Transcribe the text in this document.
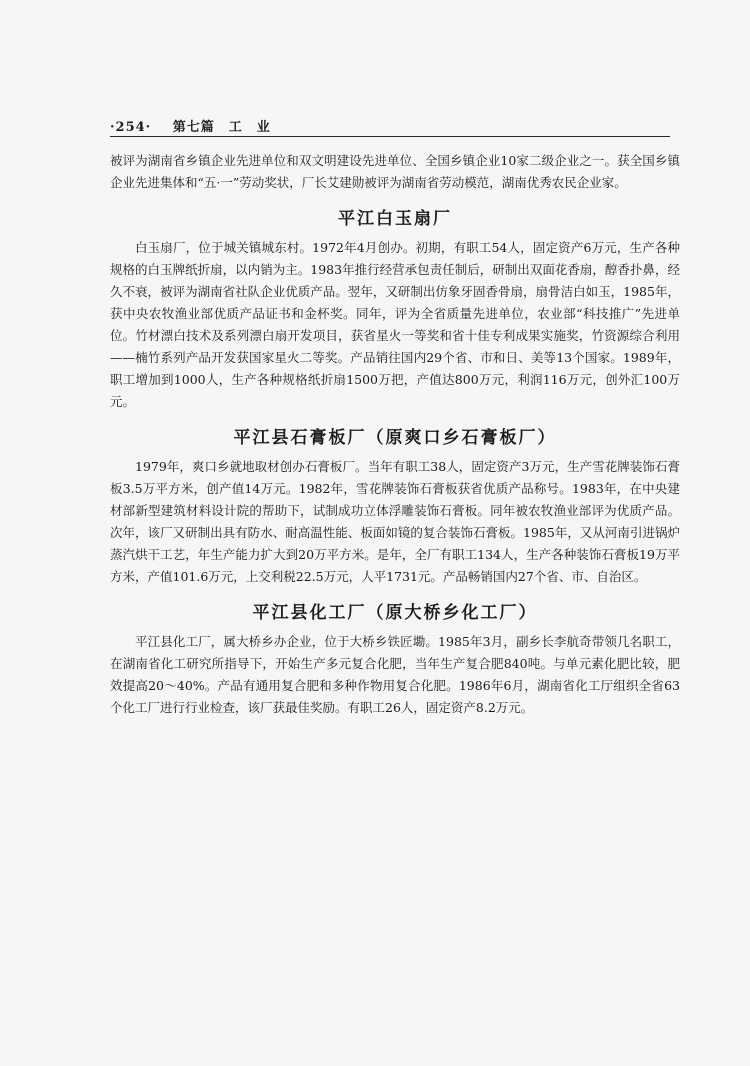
·254· 第七篇　工　业

被评为湖南省乡镇企业先进单位和双文明建设先进单位、全国乡镇企业10家二级企业之一。获全国乡镇企业先进集体和“五·一”劳动奖状，厂长艾建勋被评为湖南省劳动模范，湖南优秀农民企业家。

平江白玉扇厂

白玉扇厂，位于城关镇城东村。1972年4月创办。初期，有职工54人，固定资产6万元，生产各种规格的白玉牌纸折扇，以内销为主。1983年推行经营承包责任制后，研制出双面花香扇，醇香扑鼻，经久不衰，被评为湖南省社队企业优质产品。翌年，又研制出仿象牙固香骨扇，扇骨洁白如玉，1985年，获中央农牧渔业部优质产品证书和金杯奖。同年，评为全省质量先进单位，农业部“科技推广”先进单位。竹材漂白技术及系列漂白扇开发项目，获省星火一等奖和省十佳专利成果实施奖，竹资源综合利用——楠竹系列产品开发获国家星火二等奖。产品销往国内29个省、市和日、美等13个国家。1989年，职工增加到1000人，生产各种规格纸折扇1500万把，产值达800万元，利润116万元，创外汇100万元。

平江县石膏板厂（原爽口乡石膏板厂）

1979年，爽口乡就地取材创办石膏板厂。当年有职工38人，固定资产3万元，生产雪花牌装饰石膏板3.5万平方米，创产值14万元。1982年，雪花牌装饰石膏板获省优质产品称号。1983年，在中央建材部新型建筑材料设计院的帮助下，试制成功立体浮雕装饰石膏板。同年被农牧渔业部评为优质产品。次年，该厂又研制出具有防水、耐高温性能、板面如镜的复合装饰石膏板。1985年，又从河南引进锅炉蒸汽烘干工艺，年生产能力扩大到20万平方米。是年，全厂有职工134人，生产各种装饰石膏板19万平方米，产值101.6万元，上交利税22.5万元，人平1731元。产品畅销国内27个省、市、自治区。

平江县化工厂（原大桥乡化工厂）

平江县化工厂，属大桥乡办企业，位于大桥乡铁匠墈。1985年3月，副乡长李航奇带领几名职工，在湖南省化工研究所指导下，开始生产多元复合化肥，当年生产复合肥840吨。与单元素化肥比较，肥效提高20～40%。产品有通用复合肥和多种作物用复合化肥。1986年6月，湖南省化工厅组织全省63个化工厂进行行业检查，该厂获最佳奖励。有职工26人，固定资产8.2万元。
